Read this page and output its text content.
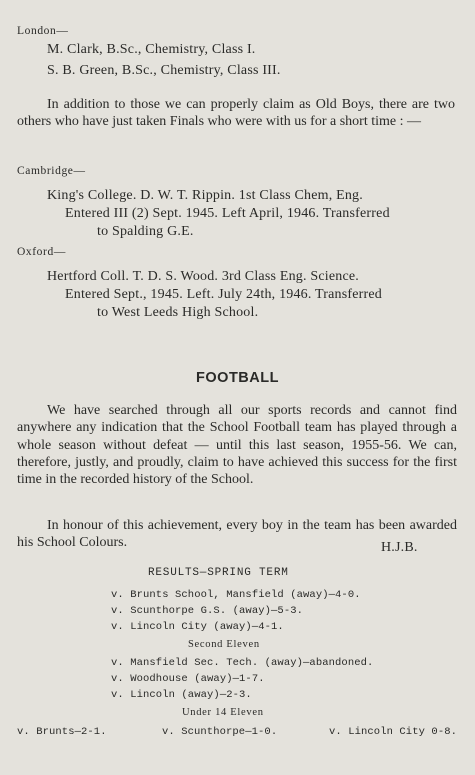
London—
M. Clark, B.Sc., Chemistry, Class I.
S. B. Green, B.Sc., Chemistry, Class III.
In addition to those we can properly claim as Old Boys, there are two others who have just taken Finals who were with us for a short time : —
Cambridge—
King's College. D. W. T. Rippin. 1st Class Chem, Eng.
Entered III (2) Sept. 1945. Left April, 1946. Transferred
to Spalding G.E.
Oxford—
Hertford Coll. T. D. S. Wood. 3rd Class Eng. Science.
Entered Sept., 1945. Left. July 24th, 1946. Transferred
to West Leeds High School.
FOOTBALL
We have searched through all our sports records and cannot find anywhere any indication that the School Football team has played through a whole season without defeat — until this last season, 1955-56. We can, therefore, justly, and proudly, claim to have achieved this success for the first time in the recorded history of the School.
In honour of this achievement, every boy in the team has been awarded his School Colours.	H.J.B.
RESULTS—SPRING TERM
v. Brunts School, Mansfield (away)—4-0.
v. Scunthorpe G.S. (away)—5-3.
v. Lincoln City (away)—4-1.
Second Eleven
v. Mansfield Sec. Tech. (away)—abandoned.
v. Woodhouse (away)—1-7.
v. Lincoln (away)—2-3.
Under 14 Eleven
v. Brunts—2-1.	v. Scunthorpe—1-0.	v. Lincoln City 0-8.
